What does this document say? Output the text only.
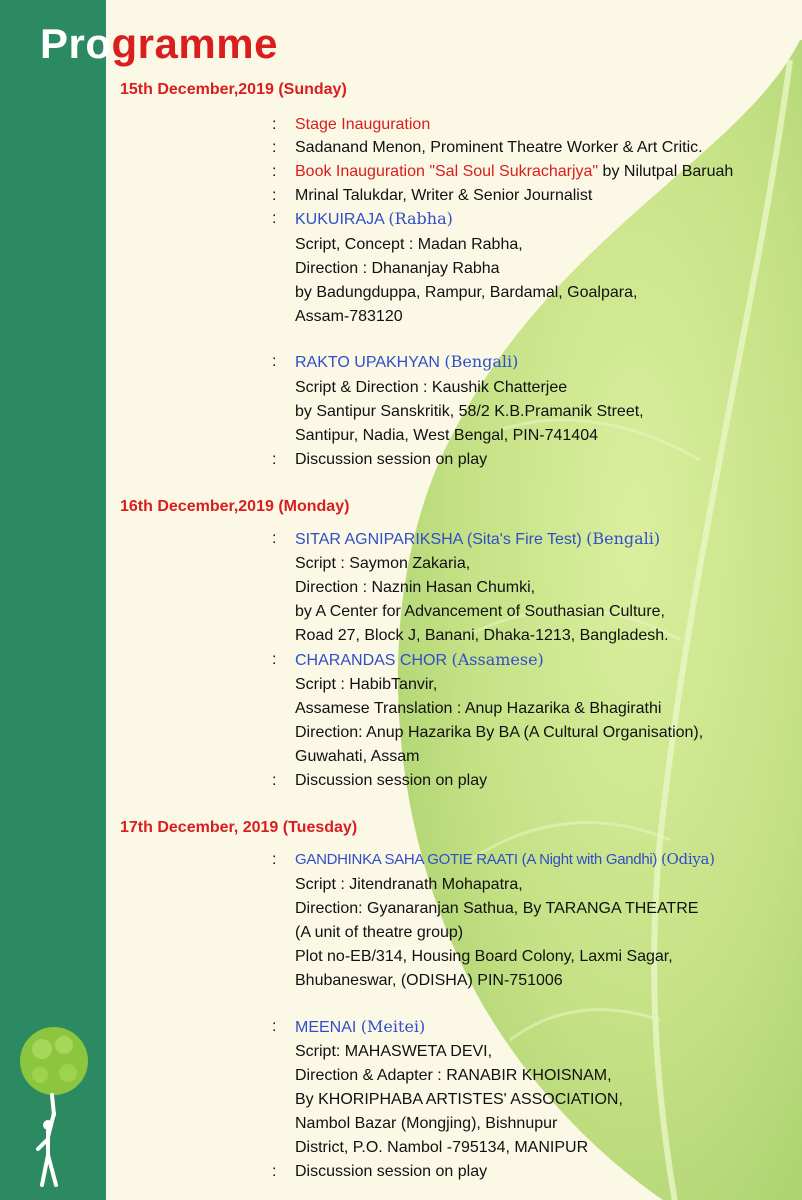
Programme
15th December,2019 (Sunday)
: Stage Inauguration
: Sadanand Menon, Prominent Theatre Worker & Art Critic.
: Book Inauguration "Sal Soul Sukracharjya" by Nilutpal Baruah
: Mrinal Talukdar, Writer & Senior Journalist
: KUKUIRAJA (Rabha)
Script, Concept : Madan Rabha,
Direction : Dhananjay Rabha
by Badungduppa, Rampur, Bardamal, Goalpara,
Assam-783120
: RAKTO UPAKHYAN (Bengali)
Script & Direction : Kaushik Chatterjee
by Santipur Sanskritik, 58/2 K.B.Pramanik Street,
Santipur, Nadia, West Bengal, PIN-741404
: Discussion session on play
16th December,2019 (Monday)
: SITAR AGNIPARIKSHA (Sita's Fire Test) (Bengali)
Script : Saymon Zakaria,
Direction : Naznin Hasan Chumki,
by A Center for Advancement of Southasian Culture,
Road 27, Block J, Banani, Dhaka-1213, Bangladesh.
: CHARANDAS CHOR (Assamese)
Script : HabibTanvir,
Assamese Translation : Anup Hazarika & Bhagirathi
Direction: Anup Hazarika By BA (A Cultural Organisation),
Guwahati, Assam
: Discussion session on play
17th December, 2019 (Tuesday)
: GANDHINKA SAHA GOTIE RAATI (A Night with Gandhi) (Odiya)
Script : Jitendranath Mohapatra,
Direction: Gyanaranjan Sathua, By TARANGA THEATRE
(A unit of theatre group)
Plot no-EB/314, Housing Board Colony, Laxmi Sagar,
Bhubaneswar, (ODISHA) PIN-751006
: MEENAI (Meitei)
Script: MAHASWETA DEVI,
Direction & Adapter : RANABIR KHOISNAM,
By KHORIPHABA ARTISTES' ASSOCIATION,
Nambol Bazar (Mongjing), Bishnupur
District, P.O. Nambol -795134, MANIPUR
: Discussion session on play
